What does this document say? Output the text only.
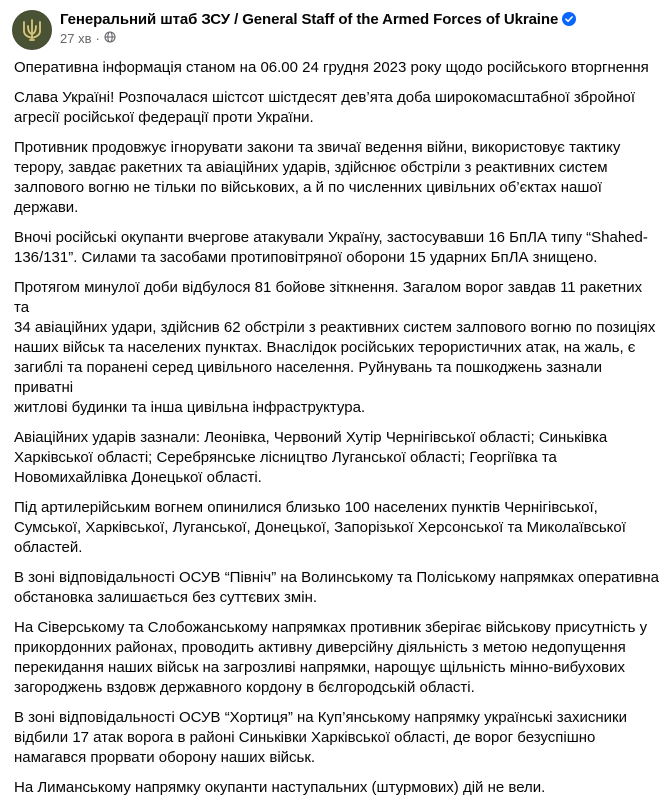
Генеральний штаб ЗСУ / General Staff of the Armed Forces of Ukraine
27 хв ·

Оперативна інформація станом на 06.00 24 грудня 2023 року щодо російського вторгнення

Слава Україні! Розпочалася шістсот шістдесят дев’ята доба широкомасштабної збройної
агресії російської федерації проти України.

Противник продовжує ігнорувати закони та звичаї ведення війни, використовує тактику
терору, завдає ракетних та авіаційних ударів, здійснює обстріли з реактивних систем
залпового вогню не тільки по військових, а й по численних цивільних об’єктах нашої
держави.

Вночі російські окупанти вчергове атакували Україну, застосувавши 16 БпЛА типу “Shahed-
136/131”. Силами та засобами протиповітряної оборони 15 ударних БпЛА знищено.

Протягом минулої доби відбулося 81 бойове зіткнення. Загалом ворог завдав 11 ракетних та
34 авіаційних удари, здійснив 62 обстріли з реактивних систем залпового вогню по позиціях
наших військ та населених пунктах. Внаслідок російських терористичних атак, на жаль, є
загиблі та поранені серед цивільного населення. Руйнувань та пошкоджень зазнали приватні
житлові будинки та інша цивільна інфраструктура.

Авіаційних ударів зазнали: Леонівка, Червоний Хутір Чернігівської області; Синьківка
Харківської області; Серебрянське лісництво Луганської області; Георгіївка та
Новомихайлівка Донецької області.

Під артилерійським вогнем опинилися близько 100 населених пунктів Чернігівської,
Сумської, Харківської, Луганської, Донецької, Запорізької Херсонської та Миколаївської
областей.

В зоні відповідальності ОСУВ “Північ” на Волинському та Поліському напрямках оперативна
обстановка залишається без суттєвих змін.

На Сіверському та Слобожанському напрямках противник зберігає військову присутність у
прикордонних районах, проводить активну диверсійну діяльність з метою недопущення
перекидання наших військ на загрозливі напрямки, нарощує щільність мінно-вибухових
загороджень вздовж державного кордону в бєлгородській області.

В зоні відповідальності ОСУВ “Хортиця” на Куп’янському напрямку українські захисники
відбили 17 атак ворога в районі Синьківки Харківської області, де ворог безуспішно
намагався прорвати оборону наших військ.

На Лиманському напрямку окупанти наступальних (штурмових) дій не вели.
